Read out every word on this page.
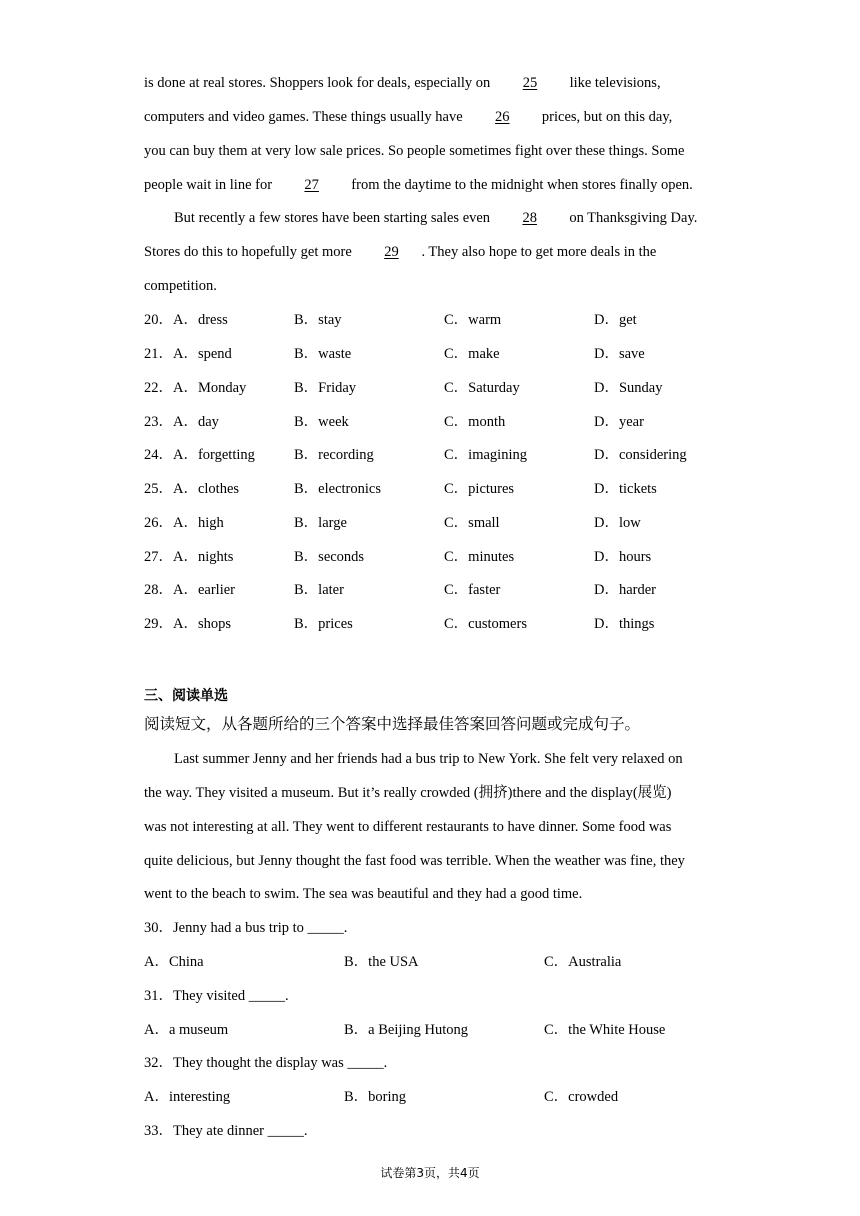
is done at real stores. Shoppers look for deals, especially on 25 like televisions,
computers and video games. These things usually have 26 prices, but on this day,
you can buy them at very low sale prices. So people sometimes fight over these things. Some
people wait in line for 27 from the daytime to the midnight when stores finally open.
But recently a few stores have been starting sales even 28 on Thanksgiving Day.
Stores do this to hopefully get more 29 . They also hope to get more deals in the
competition.
20．A．dress	B．stay	C．warm	D．get
21．A．spend	B．waste	C．make	D．save
22．A．Monday	B．Friday	C．Saturday	D．Sunday
23．A．day	B．week	C．month	D．year
24．A．forgetting	B．recording	C．imagining	D．considering
25．A．clothes	B．electronics	C．pictures	D．tickets
26．A．high	B．large	C．small	D．low
27．A．nights	B．seconds	C．minutes	D．hours
28．A．earlier	B．later	C．faster	D．harder
29．A．shops	B．prices	C．customers	D．things
三、阅读单选
阅读短文，从各题所给的三个答案中选择最佳答案回答问题或完成句子。
Last summer Jenny and her friends had a bus trip to New York. She felt very relaxed on
the way. They visited a museum. But it’s really crowded (拥挤)there and the display(展览)
was not interesting at all. They went to different restaurants to have dinner. Some food was
quite delicious, but Jenny thought the fast food was terrible. When the weather was fine, they
went to the beach to swim. The sea was beautiful and they had a good time.
30．Jenny had a bus trip to _____.
A．China	B．the USA	C．Australia
31．They visited _____.
A．a museum	B．a Beijing Hutong	C．the White House
32．They thought the display was _____.
A．interesting	B．boring	C．crowded
33．They ate dinner _____.
试卷第3页，共4页
